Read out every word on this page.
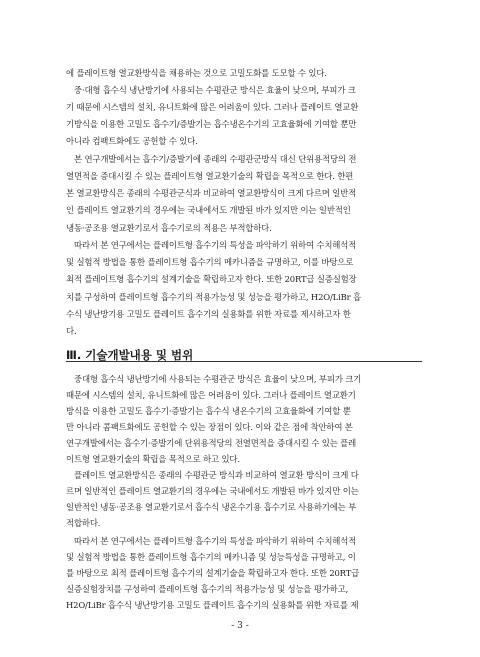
에 플레이트형 열교환방식을 채용하는 것으로 고밀도화를 도모할 수 있다.
중·대형 흡수식 냉난방기에 사용되는 수평관군 방식은 효율이 낮으며, 부피가 크
기 때문에 시스템의 설치, 유니트화에 많은 어려움이 있다. 그러나 플레이트 열교환
기방식을 이용한 고밀도 흡수기/증발기는 흡수냉온수기의 고효율화에 기여할 뿐만
아니라 컴팩트화에도 공헌할 수 있다.
본 연구개발에서는 흡수기/증발기에 종래의 수평관군방식 대신 단위용적당의 전
열면적을 증대시킬 수 있는 플레이트형 열교환기술의 확립을 목적으로 한다. 한편
본 열교환방식은 종래의 수평관군식과 비교하여 열교환방식이 크게 다르며 일반적
인 플레이트 열교환기의 경우에는 국내에서도 개발된 바가 있지만 이는 일반적인
냉동·공조용 열교환기로서 흡수기로의 적용은 부적합하다.
따라서 본 연구에서는 플레이트형 흡수기의 특성을 파악하기 위하여 수치해석적
및 실험적 방법을 통한 플레이트형 흡수기의 메카니즘을 규명하고, 이를 바탕으로
최적 플레이트형 흡수기의 설계기술을 확립하고자 한다. 또한 20RT급 실증실험장
치를 구성하여 플레이트형 흡수기의 적용가능성 및 성능을 평가하고, H2O/LiBr 흡
수식 냉난방기용 고밀도 플레이트 흡수기의 실용화를 위한 자료를 제시하고자 한
다.
Ⅲ. 기술개발내용 및 범위
중대형 흡수식 냉난방기에 사용되는 수평관군 방식은 효율이 낮으며, 부피가 크기
때문에 시스템의 설치, 유니트화에 많은 어려움이 있다. 그러나 플레이트 열교환기
방식을 이용한 고밀도 흡수기·증발기는 흡수식 냉온수기의 고효율화에 기여할 뿐
만 아니라 콤팩트화에도 공헌할 수 있는 장점이 있다. 이와 같은 점에 착안하여 본
연구개발에서는 흡수기·증발기에 단위용적당의 전열면적을 증대시킬 수 있는 플레
이트형 열교환기술의 확립을 목적으로 하고 있다.
플레이트 열교환방식은 종래의 수평관군 방식과 비교하여 열교환 방식이 크게 다
르며 일반적인 플레이트 열교환기의 경우에는 국내에서도 개발된 바가 있지만 이는
일반적인 냉동·공조용 열교환기로서 흡수식 냉온수기용 흡수기로 사용하기에는 부
적합하다.
따라서 본 연구에서는 플레이트형 흡수기의 특성을 파악하기 위하여 수치해석적
및 실험적 방법을 통한 플레이트형 흡수기의 메카니즘 및 성능특성을 규명하고, 이
를 바탕으로 최적 플레이트형 흡수기의 설계기술을 확립하고자 한다. 또한 20RT급
실증실험장치를 구성하여 플레이트형 흡수기의 적용가능성 및 성능을 평가하고,
H2O/LiBr 흡수식 냉난방기용 고밀도 플레이트 흡수기의 실용화를 위한 자료를 제
- 3 -
